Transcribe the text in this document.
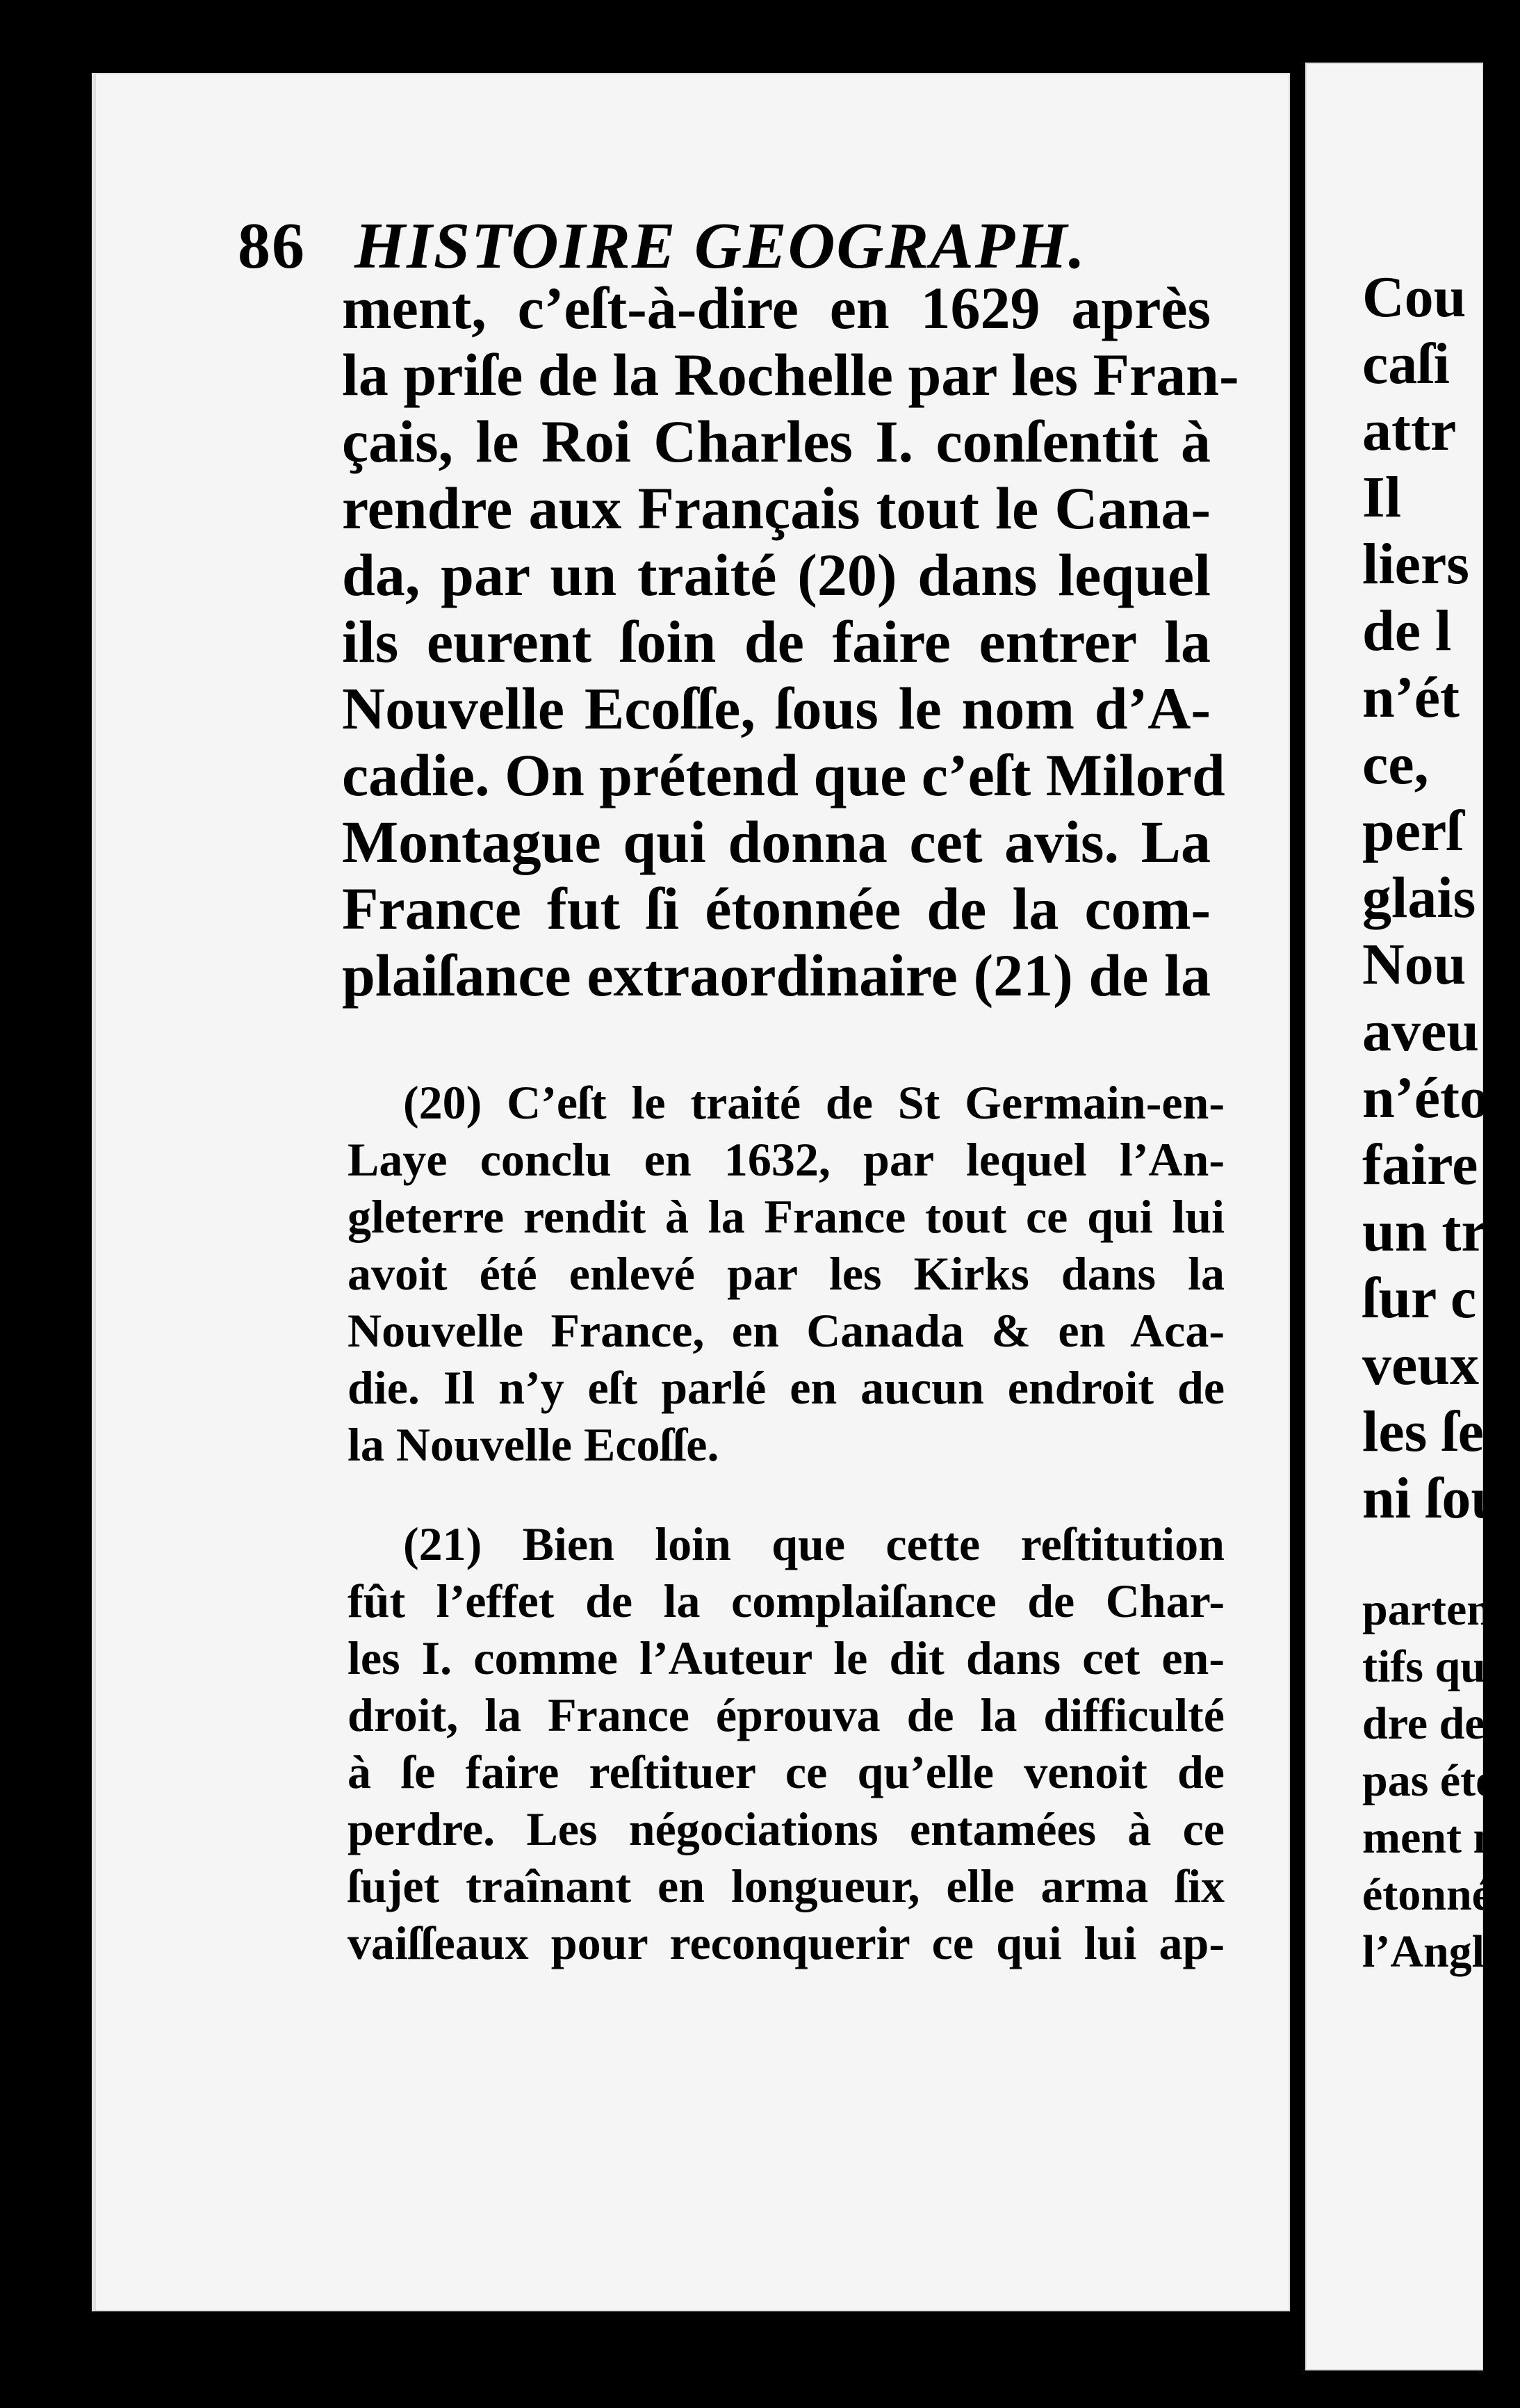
86 HISTOIRE GEOGRAPH.
ment, c’eſt-à-dire en 1629 après
la priſe de la Rochelle par les Fran-
çais, le Roi Charles I. conſentit à
rendre aux Français tout le Cana-
da, par un traité (20) dans lequel
ils eurent ſoin de faire entrer la
Nouvelle Ecoſſe, ſous le nom d’A-
cadie. On prétend que c’eſt Milord
Montague qui donna cet avis. La
France fut ſi étonnée de la com-
plaiſance extraordinaire (21) de la
(20) C’eſt le traité de St Germain-en-
Laye conclu en 1632, par lequel l’An-
gleterre rendit à la France tout ce qui lui
avoit été enlevé par les Kirks dans la
Nouvelle France, en Canada & en Aca-
die. Il n’y eſt parlé en aucun endroit de
la Nouvelle Ecoſſe.
(21) Bien loin que cette reſtitution
fût l’effet de la complaiſance de Char-
les I. comme l’Auteur le dit dans cet en-
droit, la France éprouva de la difficulté
à ſe faire reſtituer ce qu’elle venoit de
perdre. Les négociations entamées à ce
ſujet traînant en longueur, elle arma ſix
vaiſſeaux pour reconquerir ce qui lui ap-
Cou
caſi
attr
Il
liers
de l
n’ét
ce,
perſ
glais
Nou
aveu
n’éto
faire
un tr
ſur c
veux
les ſe
ni ſou
partenc
tifs qu
dre de
pas été
ment n
étonné
l’Anglet
